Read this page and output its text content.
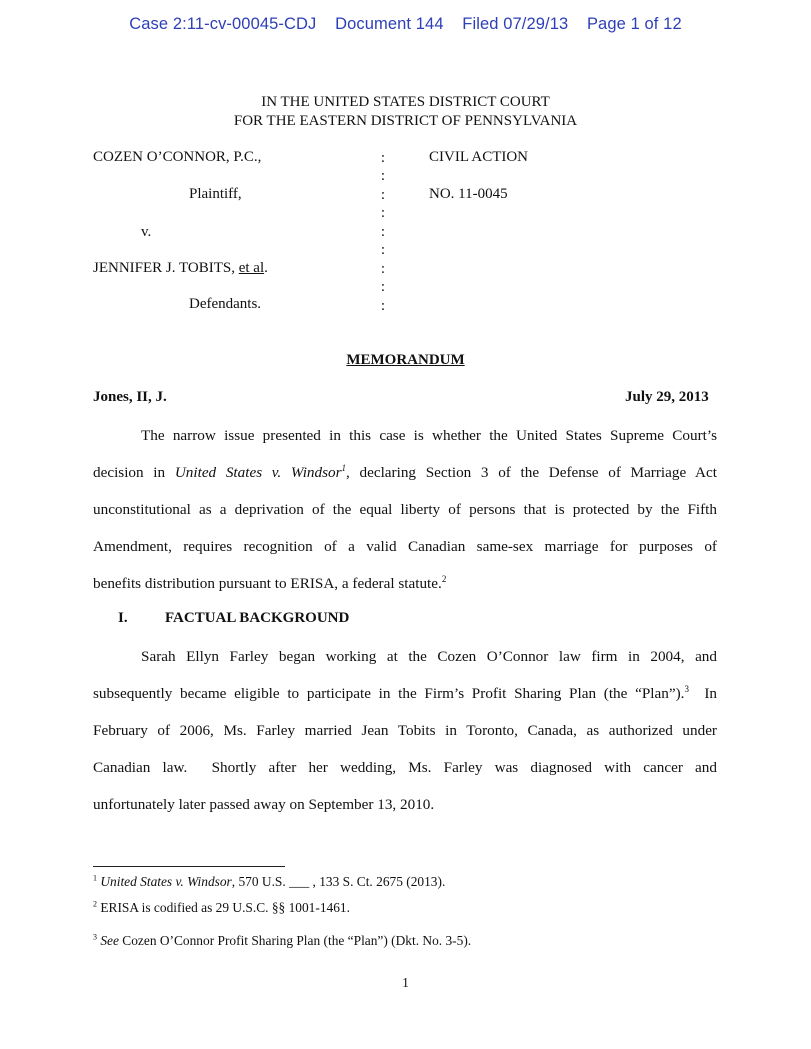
Case 2:11-cv-00045-CDJ Document 144 Filed 07/29/13 Page 1 of 12
IN THE UNITED STATES DISTRICT COURT
FOR THE EASTERN DISTRICT OF PENNSYLVANIA
COZEN O’CONNOR, P.C.,
Plaintiff,
v.
JENNIFER J. TOBITS, et al.
Defendants.
CIVIL ACTION
NO. 11-0045
:
:
:
:
:
:
:
:
:
MEMORANDUM
Jones, II, J.	July 29, 2013
The narrow issue presented in this case is whether the United States Supreme Court’s
decision in United States v. Windsor$^1$, declaring Section 3 of the Defense of Marriage Act
unconstitutional as a deprivation of the equal liberty of persons that is protected by the Fifth
Amendment, requires recognition of a valid Canadian same-sex marriage for purposes of
benefits distribution pursuant to ERISA, a federal statute.$^2$
I. FACTUAL BACKGROUND
Sarah Ellyn Farley began working at the Cozen O’Connor law firm in 2004, and
subsequently became eligible to participate in the Firm’s Profit Sharing Plan (the “Plan”).$^3$ In
February of 2006, Ms. Farley married Jean Tobits in Toronto, Canada, as authorized under
Canadian law.  Shortly after her wedding, Ms. Farley was diagnosed with cancer and
unfortunately later passed away on September 13, 2010.
$^1$ United States v. Windsor, 570 U.S. ___ , 133 S. Ct. 2675 (2013).
$^2$ ERISA is codified as 29 U.S.C. §§ 1001-1461.
$^3$ See Cozen O’Connor Profit Sharing Plan (the “Plan”) (Dkt. No. 3-5).
1
